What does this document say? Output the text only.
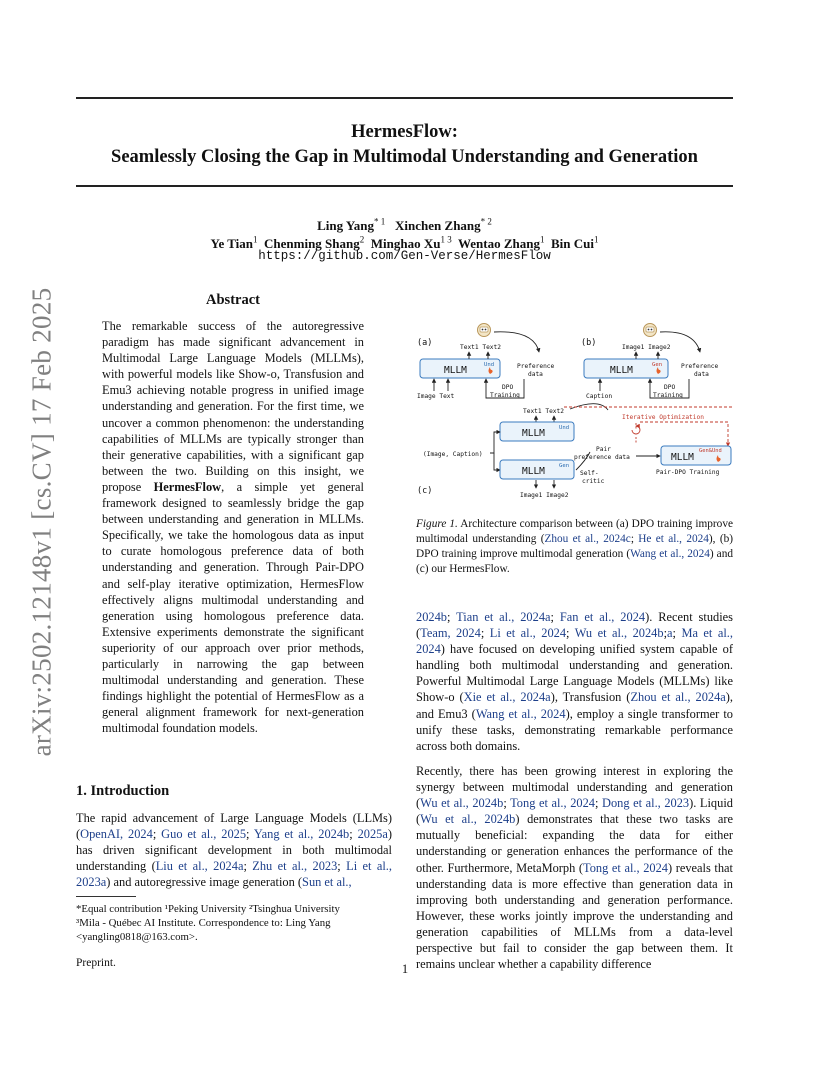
HermesFlow:
Seamlessly Closing the Gap in Multimodal Understanding and Generation
Ling Yang$^{* 1}$ Xinchen Zhang$^{* 2}$
Ye Tian$^1$ Chenming Shang$^2$ Minghao $Xu^{1 3}$ Wentao Zhang$^1$ Bin Cui$^1$
https://github.com/Gen-Verse/HermesFlow
arXiv:2502.12148v1 [cs.CV] 17 Feb 2025	Abstract
The remarkable success of the autoregressive paradigm has made significant advancement in Multimodal Large Language Models (MLLMs), with powerful models like Show-o, Transfusion and Emu3 achieving notable progress in unified image understanding and generation. For the first time, we uncover a common phenomenon: the understanding capabilities of MLLMs are typically stronger than their generative capabilities, with a significant gap between the two. Building on this insight, we propose HermesFlow, a simple yet general framework designed to seamlessly bridge the gap between understanding and generation in MLLMs. Specifically, we take the homologous data as input to curate homologous preference data of both understanding and generation. Through Pair-DPO and self-play iterative optimization, HermesFlow effectively aligns multimodal understanding and generation using homologous preference data. Extensive experiments demonstrate the significant superiority of our approach over prior methods, particularly in narrowing the gap between multimodal understanding and generation. These findings highlight the potential of HermesFlow as a general alignment framework for next-generation multimodal foundation models.
1. Introduction
The rapid advancement of Large Language Models (LLMs) (OpenAI, 2024; Guo et al., 2025; Yang et al., 2024b; 2025a) has driven significant development in both multimodal understanding (Liu et al., 2024a; Zhu et al., 2023; Li et al., 2023a) and autoregressive image generation (Sun et al.,
*Equal contribution ¹Peking University ²Tsinghua University
³Mila - Québec AI Institute. Correspondence to: Ling Yang <yangling0818@163.com>.
Preprint.	1
2024b; Tian et al., 2024a; Fan et al., 2024). Recent studies (Team, 2024; Li et al., 2024; Wu et al., 2024b;a; Ma et al., 2024) have focused on developing unified system capable of handling both multimodal understanding and generation. Powerful Multimodal Large Language Models (MLLMs) like Show-o (Xie et al., 2024a), Transfusion (Zhou et al., 2024a), and Emu3 (Wang et al., 2024), employ a single transformer to unify these tasks, demonstrating remarkable performance across both domains.
Recently, there has been growing interest in exploring the synergy between multimodal understanding and generation (Wu et al., 2024b; Tong et al., 2024; Dong et al., 2023). Liquid (Wu et al., 2024b) demonstrates that these two tasks are mutually beneficial: expanding the data for either understanding or generation enhances the performance of the other. Furthermore, MetaMorph (Tong et al., 2024) reveals that understanding data is more effective than generation data in improving both understanding and generation performance. However, these works jointly improve the understanding and generation capabilities of MLLMs from a data-level perspective but fail to consider the gap between them. It remains unclear whether a capability difference
Figure 1. Architecture comparison between (a) DPO training improve multimodal understanding (Zhou et al., 2024c; He et al., 2024), (b) DPO training improve multimodal generation (Wang et al., 2024) and (c) our HermesFlow.
(a)	Text1 Text2
MLLM	Und
Image Text
Preference
data
DPO
Training
(b)	Image1 Image2
MLLM	Gen
Caption
Preference
data
DPO
Training
(c)
Text1 Text2
MLLM	Und
(Image, Caption)
MLLM	Gen
Image1 Image2
Self-
critic
Pair
preference data
Iterative Optimization
MLLM
Gen&Und
Pair-DPO Training
